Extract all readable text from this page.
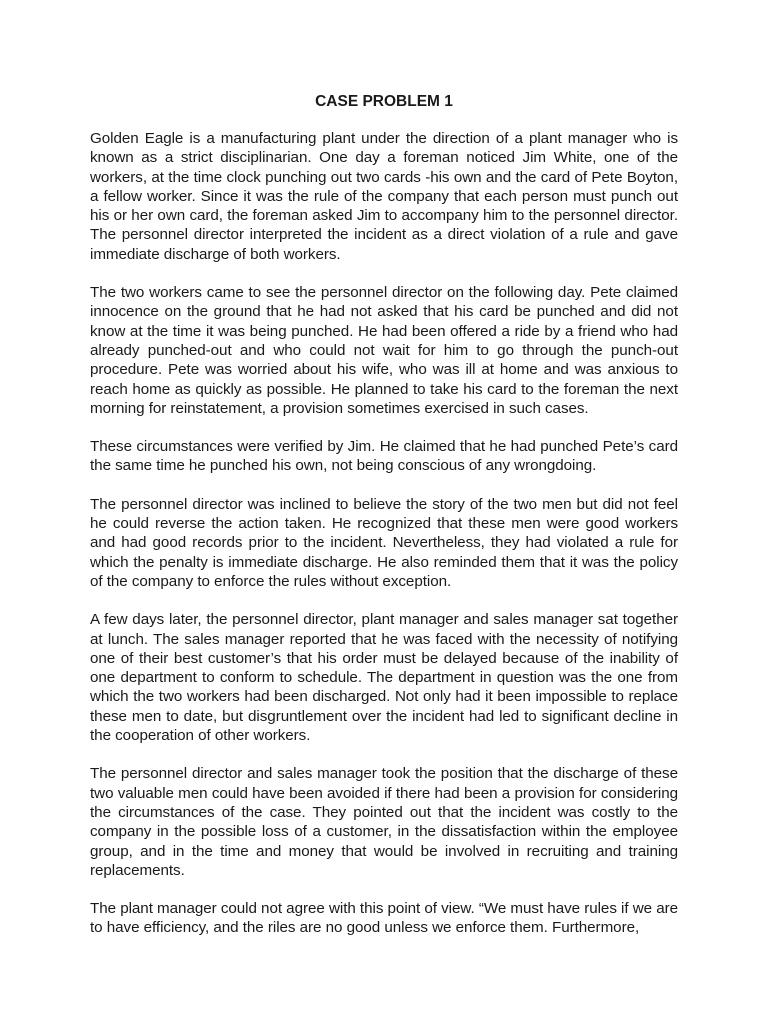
CASE PROBLEM 1

Golden Eagle is a manufacturing plant under the direction of a plant manager who is known as a strict disciplinarian. One day a foreman noticed Jim White, one of the workers, at the time clock punching out two cards -his own and the card of Pete Boyton, a fellow worker. Since it was the rule of the company that each person must punch out his or her own card, the foreman asked Jim to accompany him to the personnel director. The personnel director interpreted the incident as a direct violation of a rule and gave immediate discharge of both workers.

The two workers came to see the personnel director on the following day. Pete claimed innocence on the ground that he had not asked that his card be punched and did not know at the time it was being punched. He had been offered a ride by a friend who had already punched-out and who could not wait for him to go through the punch-out procedure. Pete was worried about his wife, who was ill at home and was anxious to reach home as quickly as possible. He planned to take his card to the foreman the next morning for reinstatement, a provision sometimes exercised in such cases.

These circumstances were verified by Jim. He claimed that he had punched Pete’s card the same time he punched his own, not being conscious of any wrongdoing.

The personnel director was inclined to believe the story of the two men but did not feel he could reverse the action taken. He recognized that these men were good workers and had good records prior to the incident. Nevertheless, they had violated a rule for which the penalty is immediate discharge. He also reminded them that it was the policy of the company to enforce the rules without exception.

A few days later, the personnel director, plant manager and sales manager sat together at lunch. The sales manager reported that he was faced with the necessity of notifying one of their best customer’s that his order must be delayed because of the inability of one department to conform to schedule. The department in question was the one from which the two workers had been discharged. Not only had it been impossible to replace these men to date, but disgruntlement over the incident had led to significant decline in the cooperation of other workers.

The personnel director and sales manager took the position that the discharge of these two valuable men could have been avoided if there had been a provision for considering the circumstances of the case. They pointed out that the incident was costly to the company in the possible loss of a customer, in the dissatisfaction within the employee group, and in the time and money that would be involved in recruiting and training replacements.

The plant manager could not agree with this point of view. “We must have rules if we are to have efficiency, and the riles are no good unless we enforce them. Furthermore,
